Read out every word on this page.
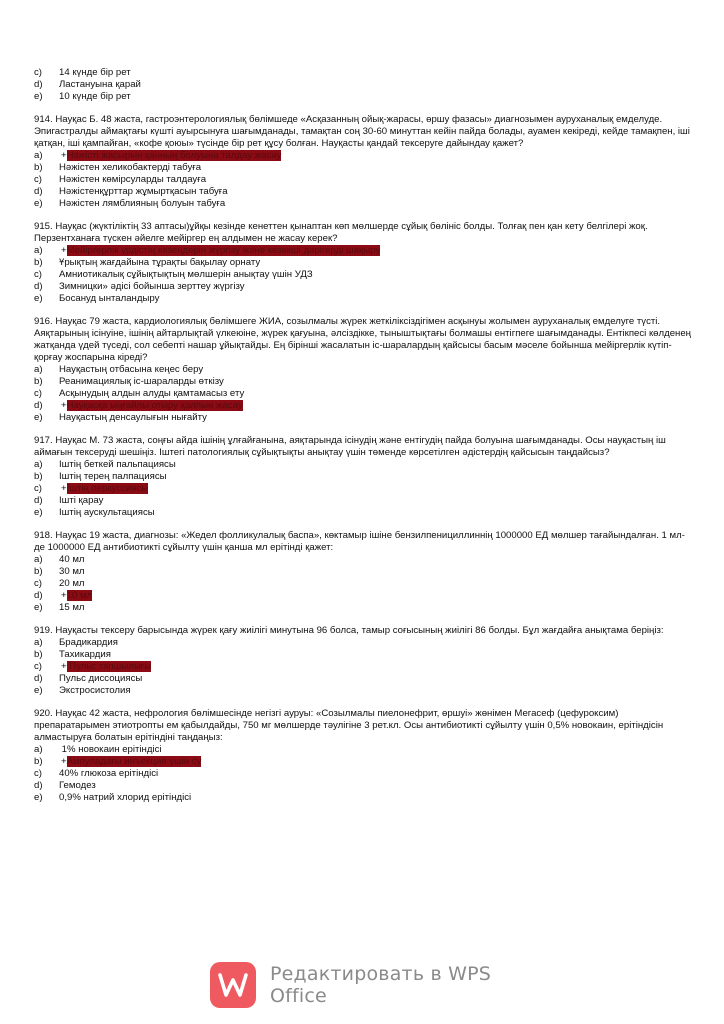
c)	14 күнде бір рет
d)	Ластануына қарай
e)	10 күнде бір рет
914. Науқас Б. 48 жаста, гастроэнтерологиялық бөлімшеде «Асқазанның ойық-жарасы, өршу фазасы» диагнозымен ауруханалық емделуде. Эпигастралды аймақтағы күшті ауырсынуға шағымданады, тамақтан соң 30-60 минуттан кейін пайда болады, ауамен кекіреді, кейде тамақпен, іші қатқан, іші қампайған, «кофе қоюы» түсінде бір рет құсу болған. Науқасты қандай тексеруге дайындау қажет?
a)	+Нәжісті жасырын қанның болуына талдау жасау
b)	Нәжістен хеликобактерді табуға
c)	Нәжістен көмірсуларды талдауға
d)	Нәжістенқұрттар жұмыртқасын табуға
e)	Нәжістен лямблияның болуын табуға
915. Науқас (жүктіліктің 33 аптасы)ұйқы кезінде кенеттен қынаптан көп мөлшерде сұйық бөлініс болды. Толғақ пен қан кету белгілері жоқ. Перзентханаға түскен әйелге мейіргер ең алдымен не жасау керек?
a)	+Мейіргерлік үрдістің кезеңдерін жүргізу және кезекші дәрігерді шақыру
b)	Ұрықтың жағдайына тұрақты бақылау орнату
c)	Амниотикалық сұйықтықтың мөлшерін анықтау үшін УДЗ
d)	Зимницки» әдісі бойынша зерттеу жүргізу
e)	Босануд ынталандыру
916. Науқас 79 жаста, кардиологиялық бөлімшеге ЖИА, созылмалы жүрек жеткіліксіздігімен асқынуы жолымен ауруханалық емделуге түсті. Аяқтарының ісінуіне, ішінің айтарлықтай үлкеюіне, жүрек қағуына, әлсіздікке, тыныштықтағы болмашы ентігпеге шағымданады. Ентікпесі көлденең жатқанда үдей түседі, сол себепті нашар ұйықтайды. Ең бірінші жасалатын іс-шаралардың қайсысы басым мәселе бойынша мейіргерлік күтіп-қорғау жоспарына кіреді?
a)	Науқастың отбасына кеңес беру
b)	Реанимациялық іс-шараларды өткізу
c)	Асқынудың алдын алуды қамтамасыз ету
d)	+Науқасқа ыңғайлы отыру қалпын жасау
e)	Науқастың денсаулығын нығайту
917. Науқас М. 73 жаста, соңғы айда ішінің ұлғайғанына, аяқтарында ісінудің және ентігудің пайда болуына шағымданады. Осы науқастың іш аймағын тексеруді шешіңіз. Іштегі патологиялық сұйықтықты анықтау үшін төменде көрсетілген әдістердің қайсысын таңдайсыз?
a)	Іштің беткей пальпациясы
b)	Іштің терең палпациясы
c)	+Іштің перкуссиясы
d)	Ішті қарау
e)	Іштің аускультациясы
918. Науқас 19 жаста, диагнозы: «Жедел фолликулалық баспа», көктамыр ішіне бензилпенициллиннің 1000000 ЕД мөлшер тағайындалған. 1 мл-де 1000000 ЕД антибиотикті сұйылту үшін қанша мл ерітінді қажет:
a)	40 мл
b)	30 мл
c)	20 мл
d)	+10 мл
e)	15 мл
919. Науқасты тексеру барысында жүрек қағу жиілігі минутына 96 болса, тамыр соғысының жиілігі 86 болды. Бұл жағдайға анықтама беріңіз:
a)	Брадикардия
b)	Тахикардия
c)	+ Пульс тапшылығы
d)	Пульс диссоциясы
e)	Экстросистолия
920. Науқас 42 жаста, нефрология бөлімшесінде негізгі ауруы: «Созылмалы пиелонефрит, өршуі» жөнімен Мегасеф (цефуроксим) препаратарымен этиотропты ем қабылдайды, 750 мг мөлшерде тәулігіне 3 рет.кл. Осы антибиотикті сұйылту үшін 0,5% новокаин, ерітіндісін алмастыруға болатын ерітіндіні таңдаңыз:
a)	1% новокаин ерітіндісі
b)	+Ампуладағы инъекция үшін су
c)	40% глюкоза ерітіндісі
d)	Гемодез
e)	0,9% натрий хлорид ерітіндісі
Редактировать в WPS Office
